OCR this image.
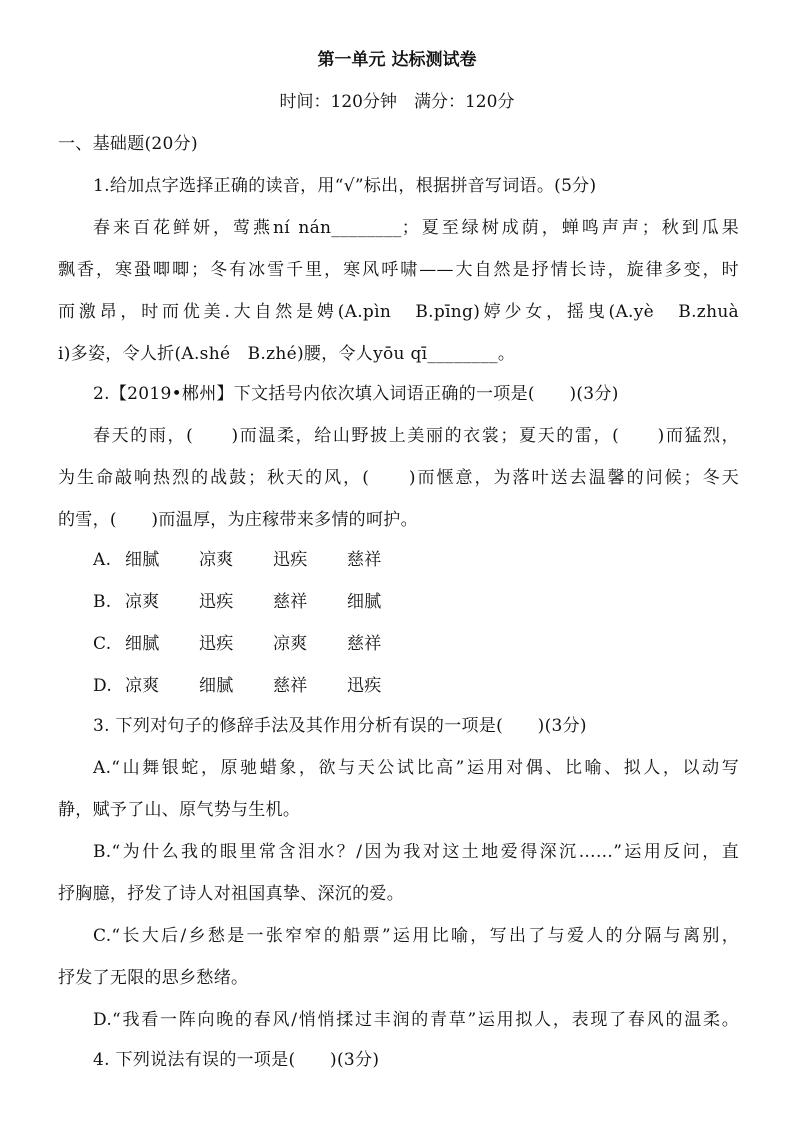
第一单元 达标测试卷
时间：120分钟　满分：120分
一、基础题(20分)
1.给加点字选择正确的读音，用“√”标出，根据拼音写词语。(5分)
春来百花鲜妍，莺燕ní nán________；夏至绿树成荫，蝉鸣声声；秋到瓜果
飘香，寒蛩唧唧；冬有冰雪千里，寒风呼啸——大自然是抒情长诗，旋律多变，时
而激昂，时而优美.大自然是娉(A.pìn　B.pīng)婷少女，摇曳(A.yè　B.zhuà
i)多姿，令人折(A.shé　B.zhé)腰，令人yōu qī________。
2.【2019•郴州】下文括号内依次填入词语正确的一项是(　　)(3分)
春天的雨，(　　)而温柔，给山野披上美丽的衣裳；夏天的雷，(　　)而猛烈，
为生命敲响热烈的战鼓；秋天的风，(　　)而惬意，为落叶送去温馨的问候；冬天
的雪，(　　)而温厚，为庄稼带来多情的呵护。
A. 细腻 凉爽 迅疾 慈祥
B. 凉爽 迅疾 慈祥 细腻
C. 细腻 迅疾 凉爽 慈祥
D. 凉爽 细腻 慈祥 迅疾
3. 下列对句子的修辞手法及其作用分析有误的一项是(　　)(3分)
A.“山舞银蛇，原驰蜡象，欲与天公试比高”运用对偶、比喻、拟人，以动写
静，赋予了山、原气势与生机。
B.“为什么我的眼里常含泪水？/因为我对这土地爱得深沉……”运用反问，直
抒胸臆，抒发了诗人对祖国真挚、深沉的爱。
C.“长大后/乡愁是一张窄窄的船票”运用比喻，写出了与爱人的分隔与离别，
抒发了无限的思乡愁绪。
D.“我看一阵向晚的春风/悄悄揉过丰润的青草”运用拟人，表现了春风的温柔。
4. 下列说法有误的一项是(　　)(3分)
